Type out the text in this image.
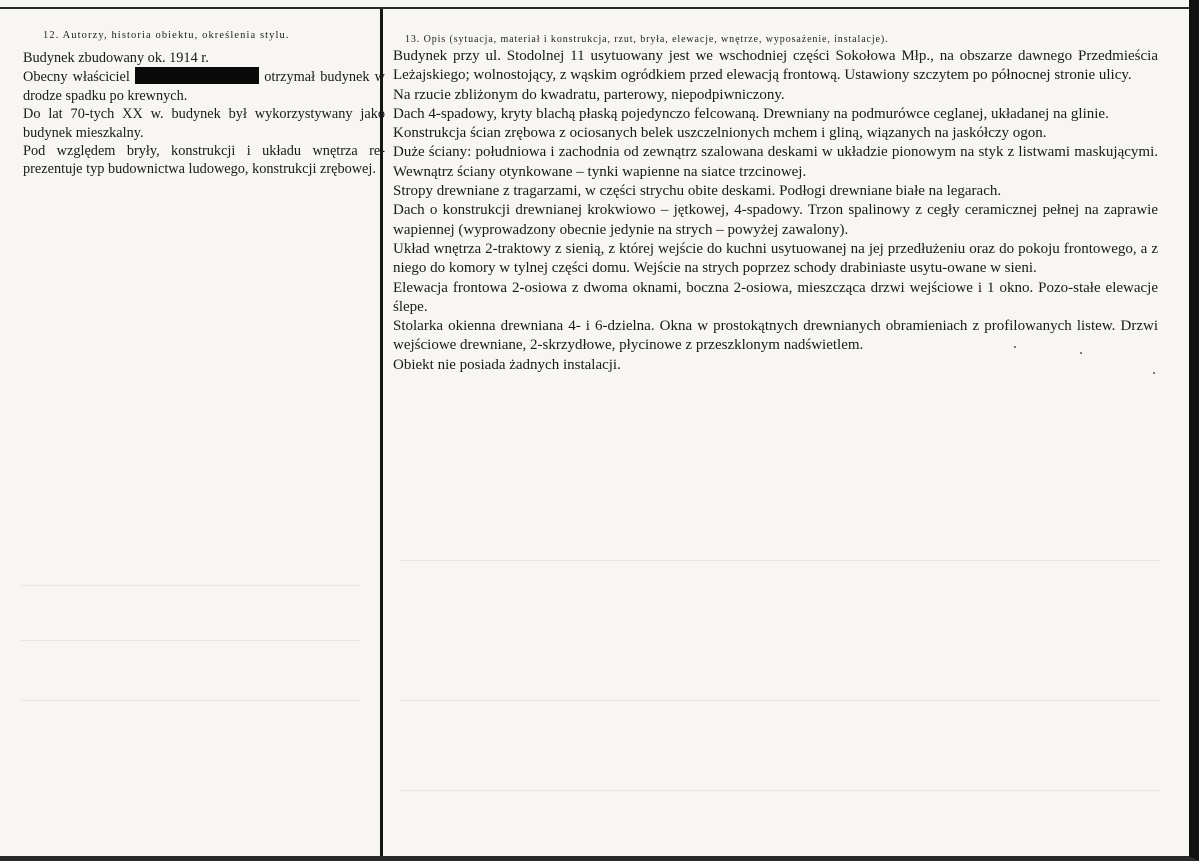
12. Autorzy, historia obiektu, określenia stylu.

Budynek zbudowany ok. 1914 r.

Obecny właściciel	otrzymał budynek w drodze spadku po krewnych.

Do lat 70-tych XX w. budynek był wykorzystywany jako budynek mieszkalny.

Pod względem bryły, konstrukcji i układu wnętrza re-prezentuje typ budownictwa ludowego, konstrukcji zrębowej.

13. Opis (sytuacja, materiał i konstrukcja, rzut, bryła, elewacje, wnętrze, wyposażenie, instalacje).

Budynek przy ul. Stodolnej 11 usytuowany jest we wschodniej części Sokołowa Młp., na obszarze dawnego Przedmieścia Leżajskiego; wolnostojący, z wąskim ogródkiem przed elewacją frontową. Ustawiony szczytem po północnej stronie ulicy.

Na rzucie zbliżonym do kwadratu, parterowy, niepodpiwniczony.

Dach 4-spadowy, kryty blachą płaską pojedynczo felcowaną. Drewniany na podmurówce ceglanej, układanej na glinie.

Konstrukcja ścian zrębowa z ociosanych belek uszczelnionych mchem i gliną, wiązanych na jaskółczy ogon.

Duże ściany: południowa i zachodnia od zewnątrz szalowana deskami w układzie pionowym na styk z listwami maskującymi. Wewnątrz ściany otynkowane – tynki wapienne na siatce trzcinowej.

Stropy drewniane z tragarzami, w części strychu obite deskami. Podłogi drewniane białe na legarach.

Dach o konstrukcji drewnianej krokwiowo – jętkowej, 4-spadowy. Trzon spalinowy z cegły ceramicznej pełnej na zaprawie wapiennej (wyprowadzony obecnie jedynie na strych – powyżej zawalony).

Układ wnętrza 2-traktowy z sienią, z której wejście do kuchni usytuowanej na jej przedłużeniu oraz do pokoju frontowego, a z niego do komory w tylnej części domu. Wejście na strych poprzez schody drabiniaste usytu-owane w sieni.

Elewacja frontowa 2-osiowa z dwoma oknami, boczna 2-osiowa, mieszcząca drzwi wejściowe i 1 okno. Pozo-stałe elewacje ślepe.

Stolarka okienna drewniana 4- i 6-dzielna. Okna w prostokątnych drewnianych obramieniach z profilowanych listew. Drzwi wejściowe drewniane, 2-skrzydłowe, płycinowe z przeszklonym nadświetlem.

Obiekt nie posiada żadnych instalacji.
